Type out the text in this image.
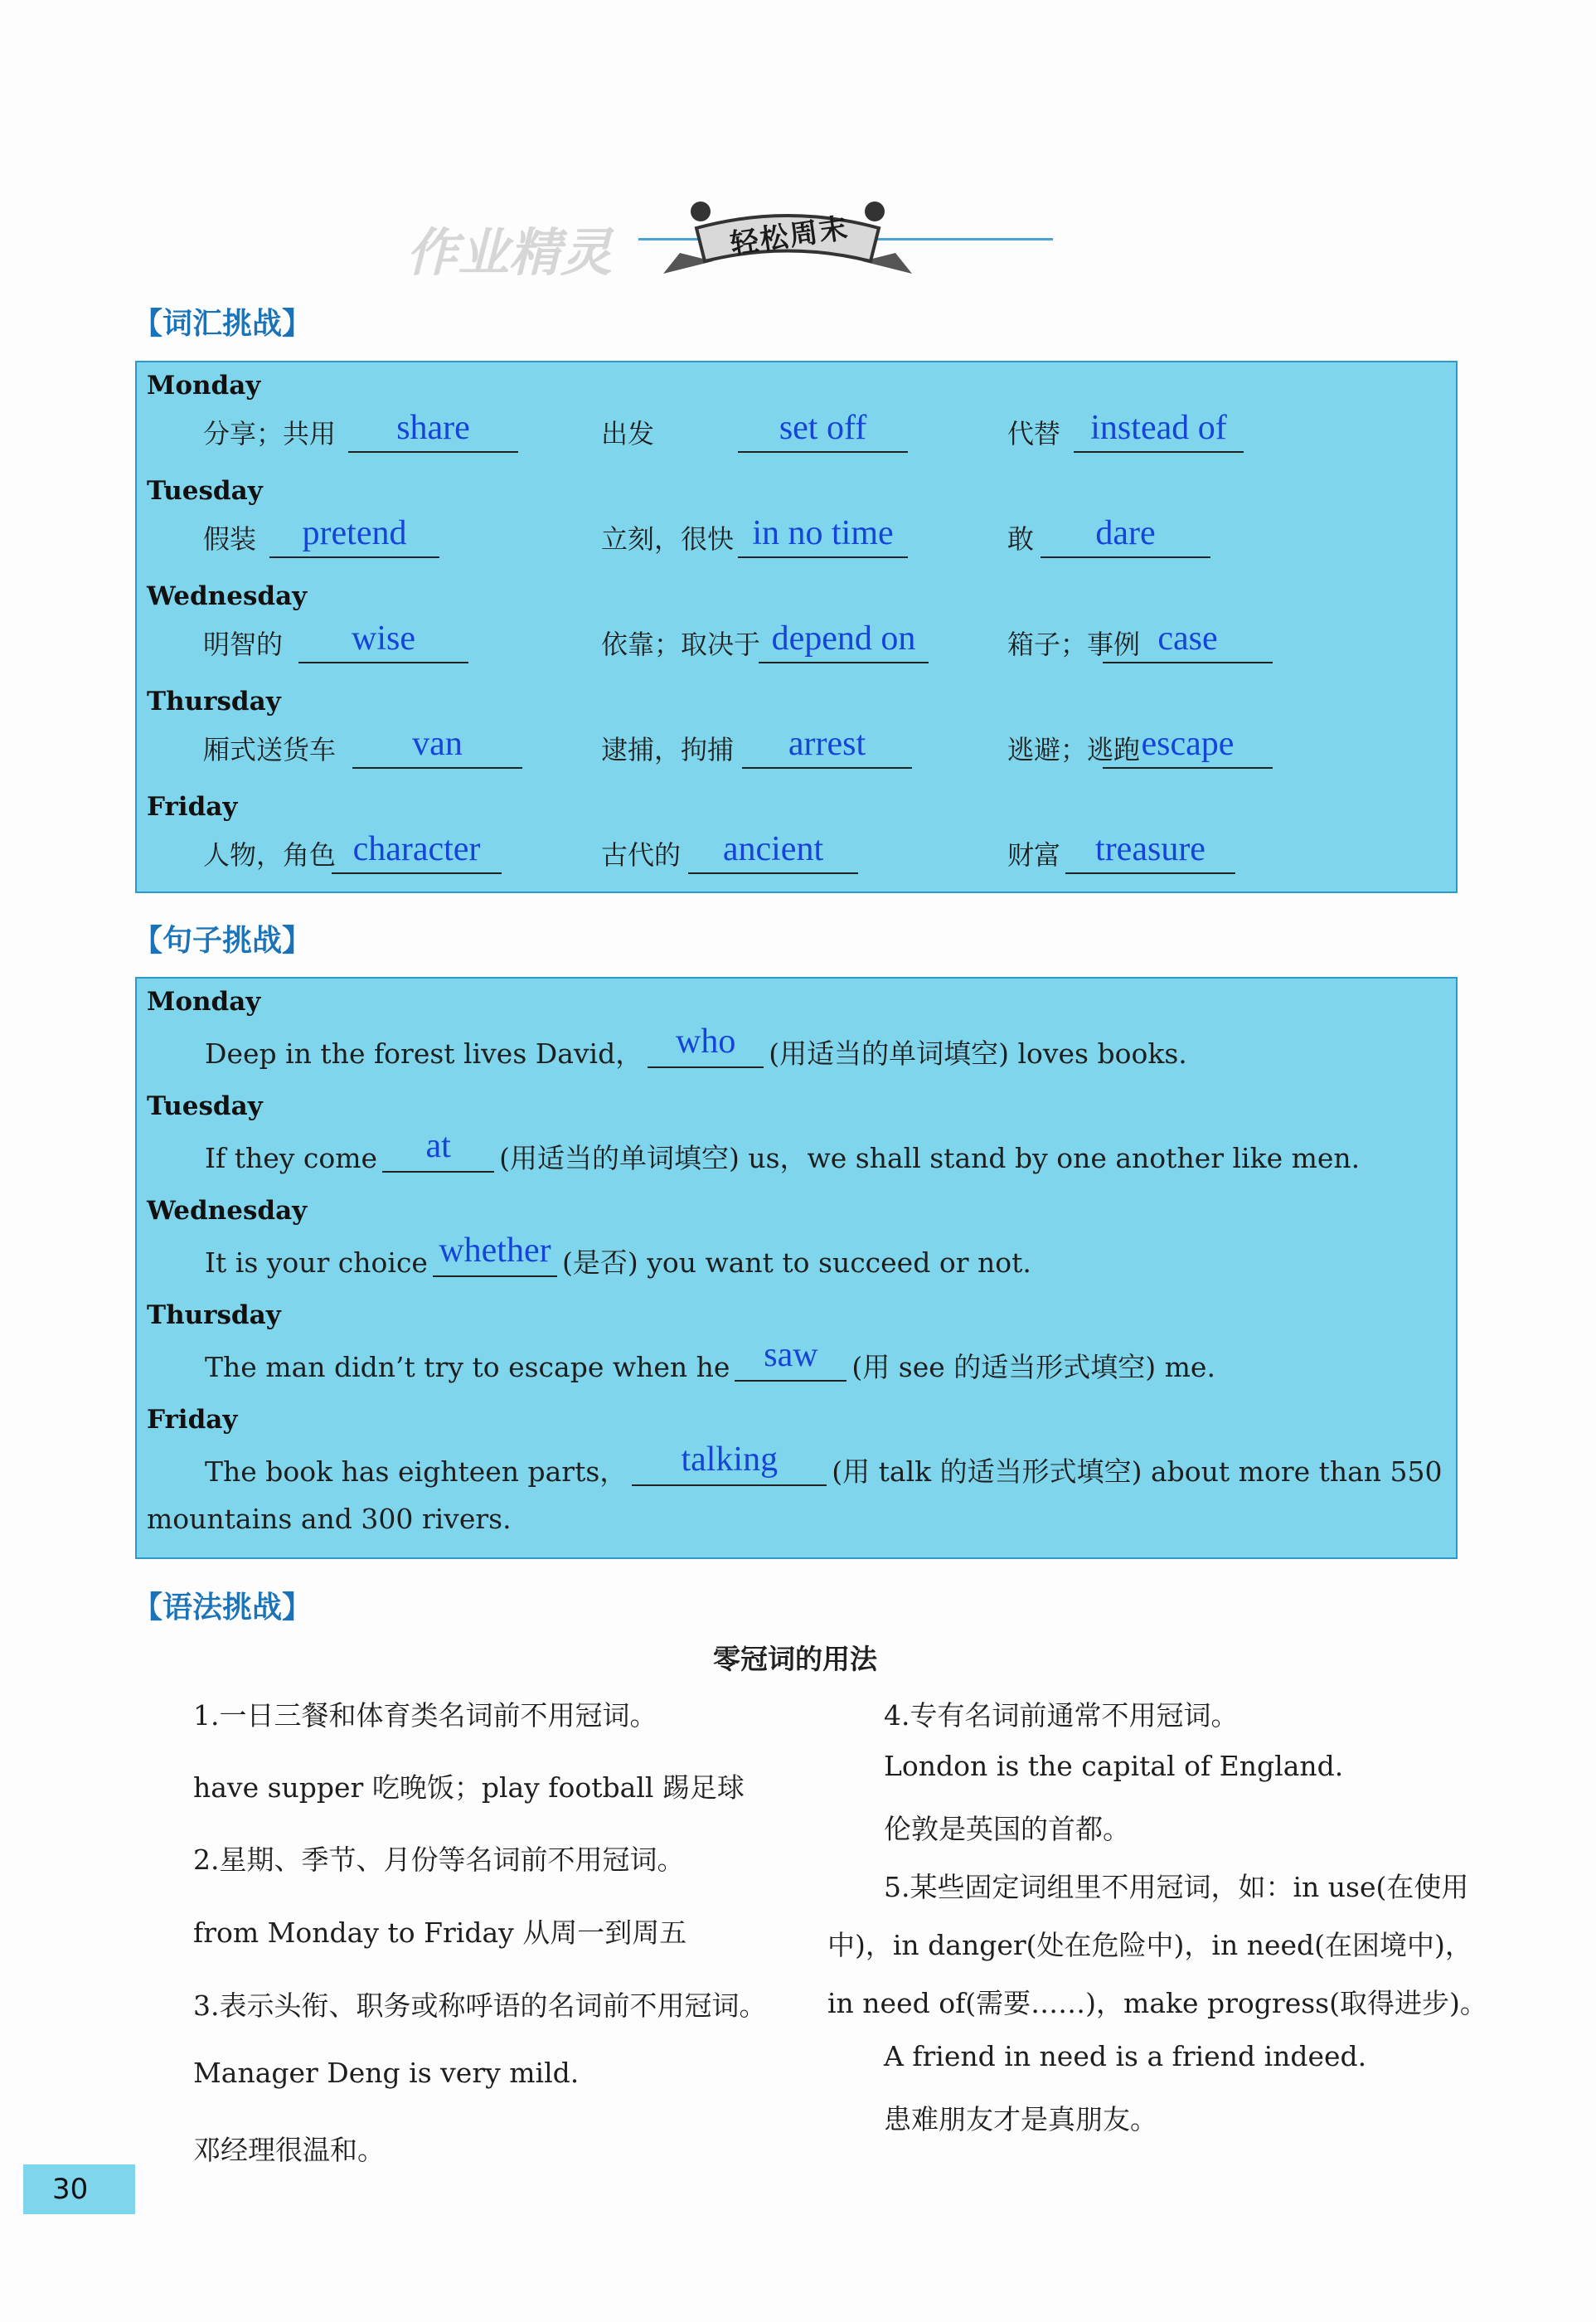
轻松周末
作业精灵
【词汇挑战】
Monday
分享；共用	share	出发	set off	代替 instead of
Tuesday
假装	pretend	立刻，很快 in no time	敢	dare
Wednesday
明智的	wise	依靠；取决于 depend on	箱子；事例 case
Thursday
厢式送货车	van	逮捕，拘捕	arrest	逃避；逃跑 escape
Friday
人物，角色 character	古代的	ancient	财富	treasure
【句子挑战】
Monday
Deep in the forest lives David， who	(用适当的单词填空) loves books.
Tuesday
If they come	at	(用适当的单词填空) us，we shall stand by one another like men.
Wednesday
It is your choice whether (是否) you want to succeed or not.
Thursday
The man didn’t try to escape when he saw	(用 see 的适当形式填空) me.
Friday
The book has eighteen parts，	talking	(用 talk 的适当形式填空) about more than 550
mountains and 300 rivers.
【语法挑战】
零冠词的用法
1.一日三餐和体育类名词前不用冠词。
have supper 吃晚饭；play football 踢足球
2.星期、季节、月份等名词前不用冠词。
from Monday to Friday 从周一到周五
3.表示头衔、职务或称呼语的名词前不用冠词。
Manager Deng is very mild.
邓经理很温和。
4.专有名词前通常不用冠词。
London is the capital of England.
伦敦是英国的首都。
5.某些固定词组里不用冠词，如：in use(在使用
中)，in danger(处在危险中)，in need(在困境中)，
in need of(需要……)，make progress(取得进步)。
A friend in need is a friend indeed.
患难朋友才是真朋友。
30
